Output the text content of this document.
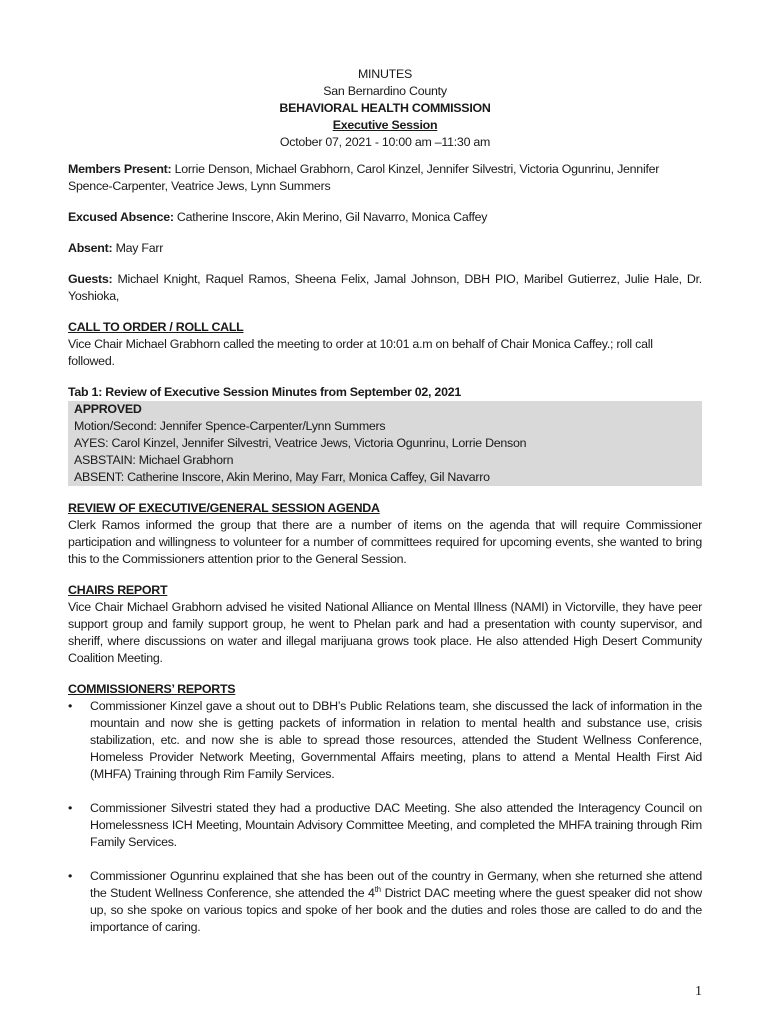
MINUTES
San Bernardino County
BEHAVIORAL HEALTH COMMISSION
Executive Session
October 07, 2021 - 10:00 am –11:30 am

Members Present: Lorrie Denson, Michael Grabhorn, Carol Kinzel, Jennifer Silvestri, Victoria Ogunrinu, Jennifer Spence-Carpenter, Veatrice Jews, Lynn Summers

Excused Absence: Catherine Inscore, Akin Merino, Gil Navarro, Monica Caffey

Absent: May Farr

Guests: Michael Knight, Raquel Ramos, Sheena Felix, Jamal Johnson, DBH PIO, Maribel Gutierrez, Julie Hale, Dr. Yoshioka,

CALL TO ORDER / ROLL CALL

Vice Chair Michael Grabhorn called the meeting to order at 10:01 a.m on behalf of Chair Monica Caffey.; roll call followed.

Tab 1: Review of Executive Session Minutes from September 02, 2021
APPROVED
Motion/Second: Jennifer Spence-Carpenter/Lynn Summers
AYES: Carol Kinzel, Jennifer Silvestri, Veatrice Jews, Victoria Ogunrinu, Lorrie Denson
ASBSTAIN: Michael Grabhorn
ABSENT: Catherine Inscore, Akin Merino, May Farr, Monica Caffey, Gil Navarro
REVIEW OF EXECUTIVE/GENERAL SESSION AGENDA

Clerk Ramos informed the group that there are a number of items on the agenda that will require Commissioner participation and willingness to volunteer for a number of committees required for upcoming events, she wanted to bring this to the Commissioners attention prior to the General Session.

CHAIRS REPORT

Vice Chair Michael Grabhorn advised he visited National Alliance on Mental Illness (NAMI) in Victorville, they have peer support group and family support group, he went to Phelan park and had a presentation with county supervisor, and sheriff, where discussions on water and illegal marijuana grows took place. He also attended High Desert Community Coalition Meeting.

COMMISSIONERS’ REPORTS
• Commissioner Kinzel gave a shout out to DBH’s Public Relations team, she discussed the lack of information in the mountain and now she is getting packets of information in relation to mental health and substance use, crisis stabilization, etc. and now she is able to spread those resources, attended the Student Wellness Conference, Homeless Provider Network Meeting, Governmental Affairs meeting, plans to attend a Mental Health First Aid (MHFA) Training through Rim Family Services.
• Commissioner Silvestri stated they had a productive DAC Meeting. She also attended the Interagency Council on Homelessness ICH Meeting, Mountain Advisory Committee Meeting, and completed the MHFA training through Rim Family Services.
• Commissioner Ogunrinu explained that she has been out of the country in Germany, when she returned she attend the Student Wellness Conference, she attended the 4th District DAC meeting where the guest speaker did not show up, so she spoke on various topics and spoke of her book and the duties and roles those are called to do and the importance of caring.
1
